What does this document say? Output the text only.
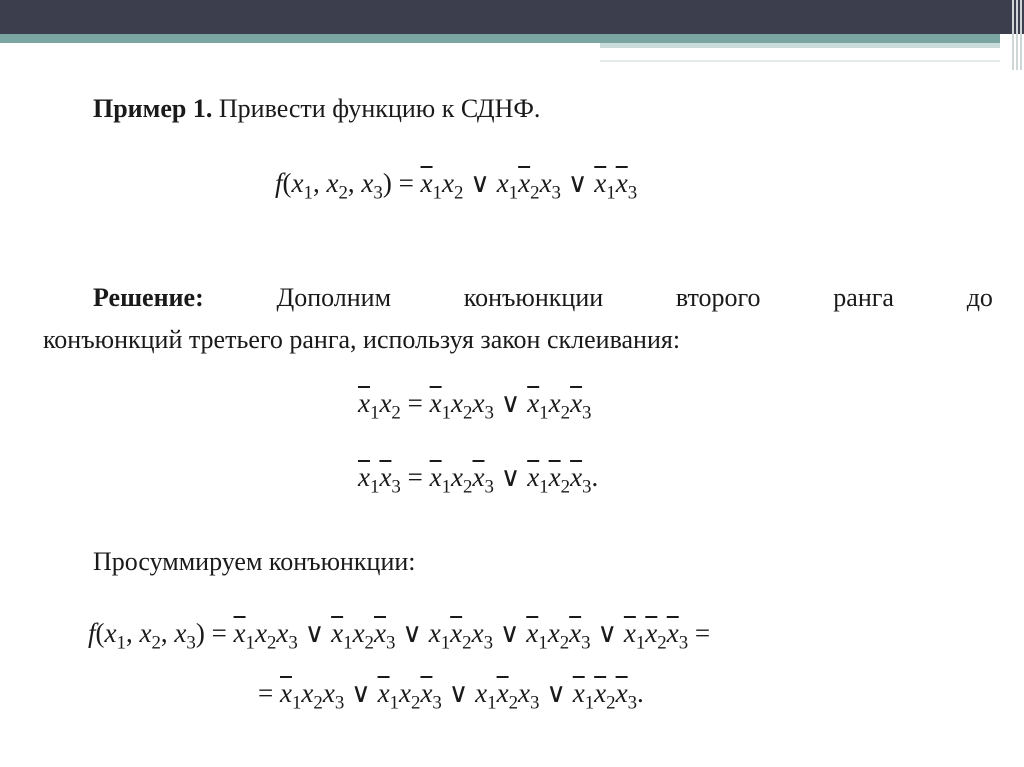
Пример 1. Привести функцию к СДНФ.
$f(x_1$, $x_2$, $x_3) = \overline{x}_1x_2$ ∨ $x_1\overline{x}_2x_3$ ∨ $\overline{x}_1\overline{x}_3$
Решение:	Дополним	конъюнкции	второго	ранга	до
конъюнкций третьего ранга, используя закон склеивания:
$\overline{x}_1x_2 = \overline{x}_1x_2x_3$ ∨ $\overline{x}_1x_2\overline{x}_3$
$\overline{x}_1\overline{x}_3 = \overline{x}_1x_2\overline{x}_3$ ∨ $\overline{x}_1\overline{x}_2\overline{x}_3$.
Просуммируем конъюнкции:
$f(x_1$, $x_2$, $x_3) = \overline{x}_1x_2x_3$ ∨ $\overline{x}_1x_2\overline{x}_3$ ∨ $x_1\overline{x}_2x_3$ ∨ $\overline{x}_1x_2\overline{x}_3$ ∨ $\overline{x}_1\overline{x}_2\overline{x}_3$ =
= $\overline{x}_1x_2x_3$ ∨ $\overline{x}_1x_2\overline{x}_3$ ∨ $x_1\overline{x}_2x_3$ ∨ $\overline{x}_1\overline{x}_2\overline{x}_3$.
